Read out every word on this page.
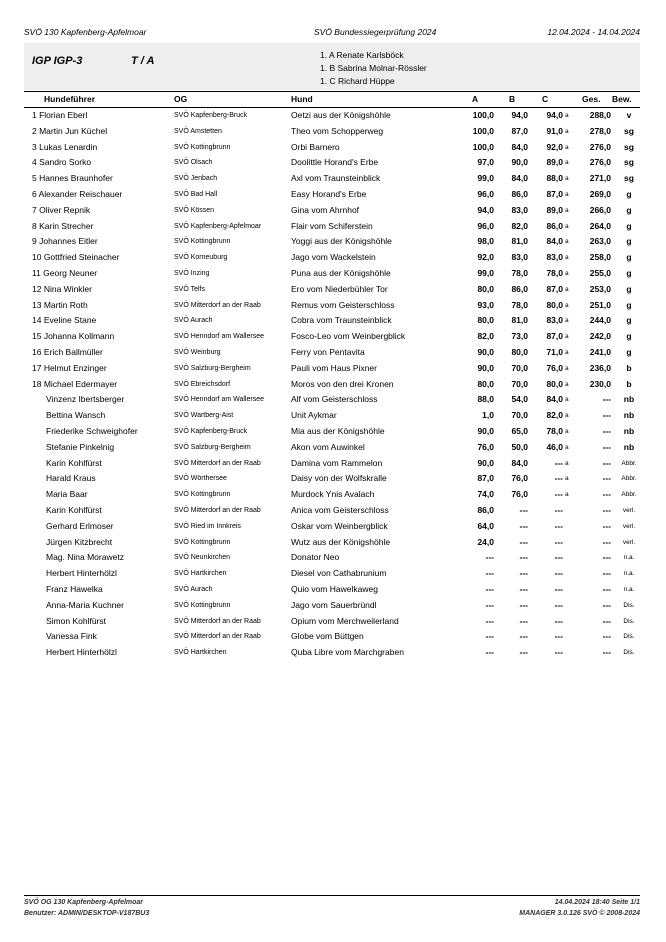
SVÖ 130 Kapfenberg-Apfelmoar	SVÖ Bundessiegerprüfung 2024	12.04.2024 - 14.04.2024
IGP IGP-3	T / A	1. A Renate Karlsböck
1. B Sabrina Molnar-Rössler
1. C Richard Hüppe
Hundeführer	OG	Hund	A	B	C	Ges. Bew.
1 Florian Eberl	SVÖ Kapfenberg-Bruck	Oetzi aus der Königshöhle	100,0	94,0	94,0 a	288,0	v
2 Martin Jun Küchel	SVÖ Amstetten	Theo vom Schopperweg	100,0	87,0	91,0 a	278,0	sg
3 Lukas Lenardin	SVÖ Kottingbrunn	Orbi Barnero	100,0	84,0	92,0 a	276,0	sg
4 Sandro Sorko	SVÖ Olsach	Doolittle Horand's Erbe	97,0	90,0	89,0 a	276,0	sg
5 Hannes Braunhofer	SVÖ Jenbach	Axl vom Traunsteinblick	99,0	84,0	88,0 a	271,0	sg
6 Alexander Reischauer	SVÖ Bad Hall	Easy Horand's Erbe	96,0	86,0	87,0 a	269,0	g
7 Oliver Repnik	SVÖ Kössen	Gina vom Ahrnhof	94,0	83,0	89,0 a	266,0	g
8 Karin Strecher	SVÖ Kapfenberg-Apfelmoar	Flair vom Schiferstein	96,0	82,0	86,0 a	264,0	g
9 Johannes Eitler	SVÖ Kottingbrunn	Yoggi aus der Königshöhle	98,0	81,0	84,0 a	263,0	g
10 Gottfried Steinacher	SVÖ Korneuburg	Jago vom Wackelstein	92,0	83,0	83,0 a	258,0	g
11 Georg Neuner	SVÖ Inzing	Puna aus der Königshöhle	99,0	78,0	78,0 a	255,0	g
12 Nina Winkler	SVÖ Telfs	Ero vom Niederbühler Tor	80,0	86,0	87,0 a	253,0	g
13 Martin Roth	SVÖ Mitterdorf an der Raab	Remus vom Geisterschloss	93,0	78,0	80,0 a	251,0	g
14 Eveline Stane	SVÖ Aurach	Cobra vom Traunsteinblick	80,0	81,0	83,0 a	244,0	g
15 Johanna Kollmann	SVÖ Henndorf am Wallersee	Fosco-Leo vom Weinbergblick	82,0	73,0	87,0 a	242,0	g
16 Erich Ballmüller	SVÖ Weinburg	Ferry von Pentavita	90,0	80,0	71,0 a	241,0	g
17 Helmut Enzinger	SVÖ Salzburg-Bergheim	Pauli vom Haus Pixner	90,0	70,0	76,0 a	236,0	b
18 Michael Edermayer	SVÖ Ebreichsdorf	Moros von den drei Kronen	80,0	70,0	80,0 a	230,0	b
Vinzenz Ibertsberger	SVÖ Henndorf am Wallersee	Alf vom Geisterschloss	88,0	54,0	84,0 a	---	nb
Bettina Wansch	SVÖ Wartberg-Aist	Unit Aykmar	1,0	70,0	82,0 a	---	nb
Friederike Schweighofer	SVÖ Kapfenberg-Bruck	Mia aus der Königshöhle	90,0	65,0	78,0 a	---	nb
Stefanie Pinkelnig	SVÖ Salzburg-Bergheim	Akon vom Auwinkel	76,0	50,0	46,0 a	---	nb
Karin Kohlfürst	SVÖ Mitterdorf an der Raab	Damina vom Rammelon	90,0	84,0	--- a	---	Abbr.
Harald Kraus	SVÖ Wörthersee	Daisy von der Wolfskralle	87,0	76,0	--- a	---	Abbr.
Maria Baar	SVÖ Kottingbrunn	Murdock Ynis Avalach	74,0	76,0	--- a	---	Abbr.
Karin Kohlfürst	SVÖ Mitterdorf an der Raab	Anica vom Geisterschloss	86,0	---	---	---	verl.
Gerhard Erlmoser	SVÖ Ried im Innkreis	Oskar vom Weinbergblick	64,0	---	---	---	verl.
Jürgen Kitzbrecht	SVÖ Kottingbrunn	Wutz aus der Königshöhle	24,0	---	---	---	verl.
Mag. Nina Morawetz	SVÖ Neunkirchen	Donator Neo	---	---	---	---	n.a.
Herbert Hinterhölzl	SVÖ Hartkirchen	Diesel von Cathabrunium	---	---	---	---	n.a.
Franz Hawelka	SVÖ Aurach	Quio vom Hawelkaweg	---	---	---	---	n.a.
Anna-Maria Kuchner	SVÖ Kottingbrunn	Jago vom Sauerbründl	---	---	---	---	Dis.
Simon Kohlfürst	SVÖ Mitterdorf an der Raab	Opium vom Merchweilerland	---	---	---	---	Dis.
Vanessa Fink	SVÖ Mitterdorf an der Raab	Globe vom Büttgen	---	---	---	---	Dis.
Herbert Hinterhölzl	SVÖ Hartkirchen	Quba Libre vom Marchgraben	---	---	---	---	Dis.
SVÖ OG 130 Kapfenberg-Apfelmoar
Benutzer: ADMIN/DESKTOP-V187BU3
14.04.2024 18:40 Seite 1/1
MANAGER 3.0.126 SVÖ © 2008-2024
